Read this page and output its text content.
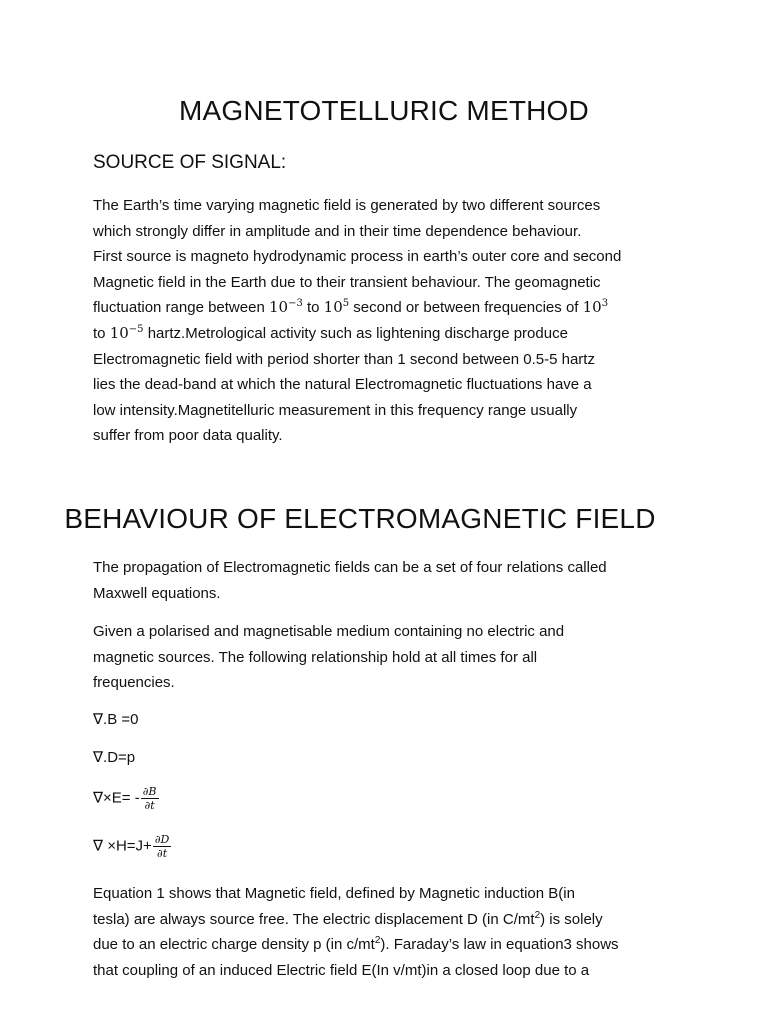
MAGNETOTELLURIC METHOD
SOURCE OF SIGNAL:
The Earth’s time varying magnetic field is generated by two different sources
which strongly differ in amplitude and in their time dependence behaviour.
First source is magneto hydrodynamic process in earth’s outer core and second
Magnetic field in the Earth due to their transient behaviour. The geomagnetic
fluctuation range between $10^{-3}$ to $10^5$ second or between frequencies of $10^3$
to $10^{-5}$ hartz.Metrological activity such as lightening discharge produce
Electromagnetic field with period shorter than 1 second between 0.5-5 hartz
lies the dead-band at which the natural Electromagnetic fluctuations have a
low intensity.Magnetitelluric measurement in this frequency range usually
suffer from poor data quality.
BEHAVIOUR OF ELECTROMAGNETIC FIELD
The propagation of Electromagnetic fields can be a set of four relations called
Maxwell equations.
Given a polarised and magnetisable medium containing no electric and
magnetic sources. The following relationship hold at all times for all
frequencies.
∇.B =0
∇.D=p
$\nabla\times E= - \frac{\partial B}{\partial t}$
∇ $\times H=J+ \frac{\partial D}{\partial t}$
Equation 1 shows that Magnetic field, defined by Magnetic induction B(in
tesla) are always source free. The electric displacement D (in $C/mt^2$) is solely
due to an electric charge density p (in $c/mt^2$). Faraday’s law in equation3 shows
that coupling of an induced Electric field E(In v/mt)in a closed loop due to a
